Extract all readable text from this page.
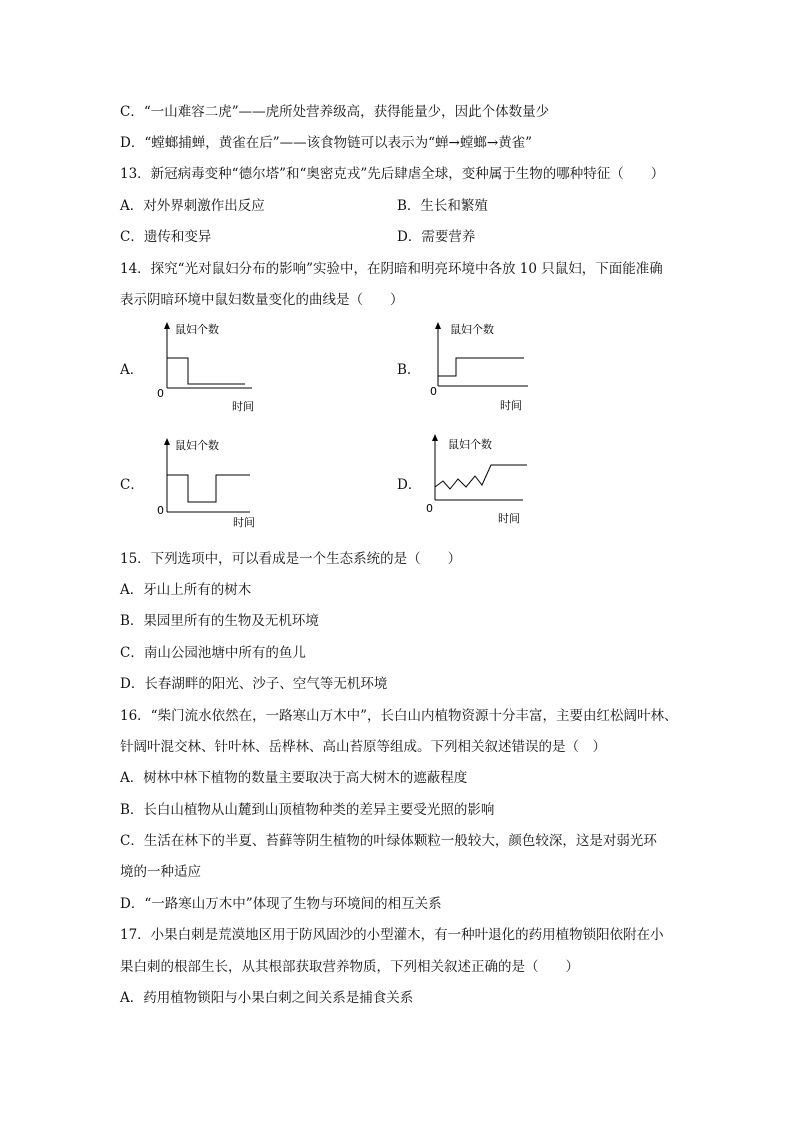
C．“一山难容二虎”——虎所处营养级高，获得能量少，因此个体数量少
D．“螳螂捕蝉，黄雀在后”——该食物链可以表示为“蝉→螳螂→黄雀”
13．新冠病毒变种“德尔塔”和“奥密克戎”先后肆虐全球，变种属于生物的哪种特征（　　）
A．对外界刺激作出反应	B．生长和繁殖
C．遗传和变异	D．需要营养
14．探究“光对鼠妇分布的影响”实验中，在阴暗和明亮环境中各放 10 只鼠妇，下面能准确
表示阴暗环境中鼠妇数量变化的曲线是（　　）
A．
鼠妇个数
0
时间
B．
鼠妇个数
0
时间
C．
鼠妇个数
0
时间
D．
鼠妇个数
0
时间
15．下列选项中，可以看成是一个生态系统的是（　　）
A．牙山上所有的树木
B．果园里所有的生物及无机环境
C．南山公园池塘中所有的鱼儿
D．长春湖畔的阳光、沙子、空气等无机环境
16．“柴门流水依然在，一路寒山万木中”，长白山内植物资源十分丰富，主要由红松阔叶林、
针阔叶混交林、针叶林、岳桦林、高山苔原等组成。下列相关叙述错误的是（　）
A．树林中林下植物的数量主要取决于高大树木的遮蔽程度
B．长白山植物从山麓到山顶植物种类的差异主要受光照的影响
C．生活在林下的半夏、苔藓等阴生植物的叶绿体颗粒一般较大，颜色较深，这是对弱光环
境的一种适应
D．“一路寒山万木中”体现了生物与环境间的相互关系
17．小果白刺是荒漠地区用于防风固沙的小型灌木，有一种叶退化的药用植物锁阳依附在小
果白刺的根部生长，从其根部获取营养物质，下列相关叙述正确的是（　　）
A．药用植物锁阳与小果白刺之间关系是捕食关系
